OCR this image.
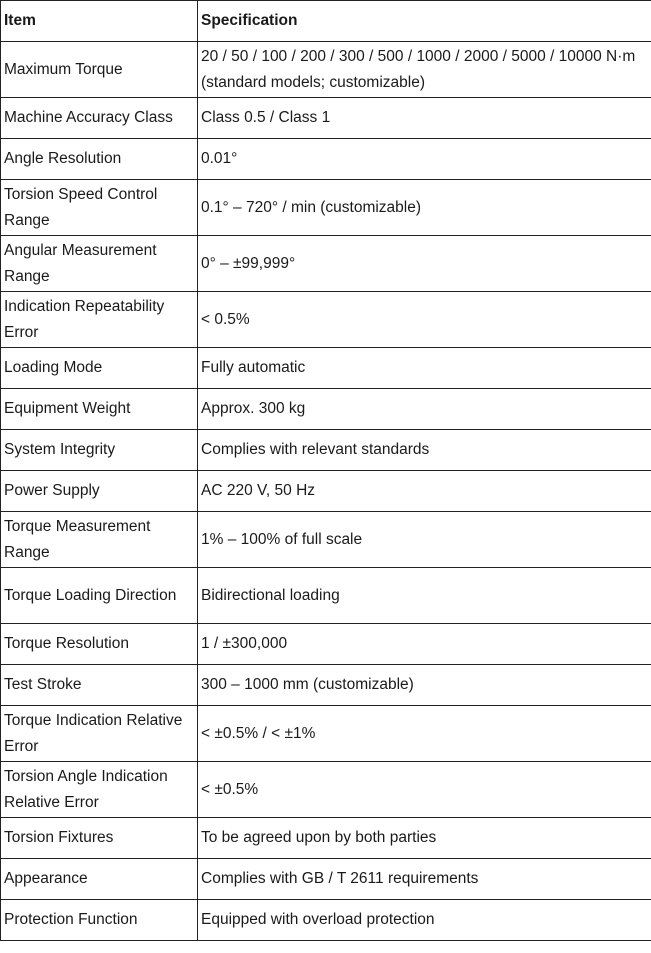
Item	Specification
Maximum Torque	20 / 50 / 100 / 200 / 300 / 500 / 1000 / 2000 / 5000 / 10000 N·m (standard models; customizable)
Machine Accuracy Class	Class 0.5 / Class 1
Angle Resolution	0.01°
Torsion Speed Control Range	0.1° – 720° / min (customizable)
Angular Measurement Range	0° – ±99,999°
Indication Repeatability Error	< 0.5%
Loading Mode	Fully automatic
Equipment Weight	Approx. 300 kg
System Integrity	Complies with relevant standards
Power Supply	AC 220 V, 50 Hz
Torque Measurement Range	1% – 100% of full scale
Torque Loading Direction	Bidirectional loading
Torque Resolution	1 / ±300,000
Test Stroke	300 – 1000 mm (customizable)
Torque Indication Relative Error	< ±0.5% / < ±1%
Torsion Angle Indication Relative Error	< ±0.5%
Torsion Fixtures	To be agreed upon by both parties
Appearance	Complies with GB / T 2611 requirements
Protection Function	Equipped with overload protection
